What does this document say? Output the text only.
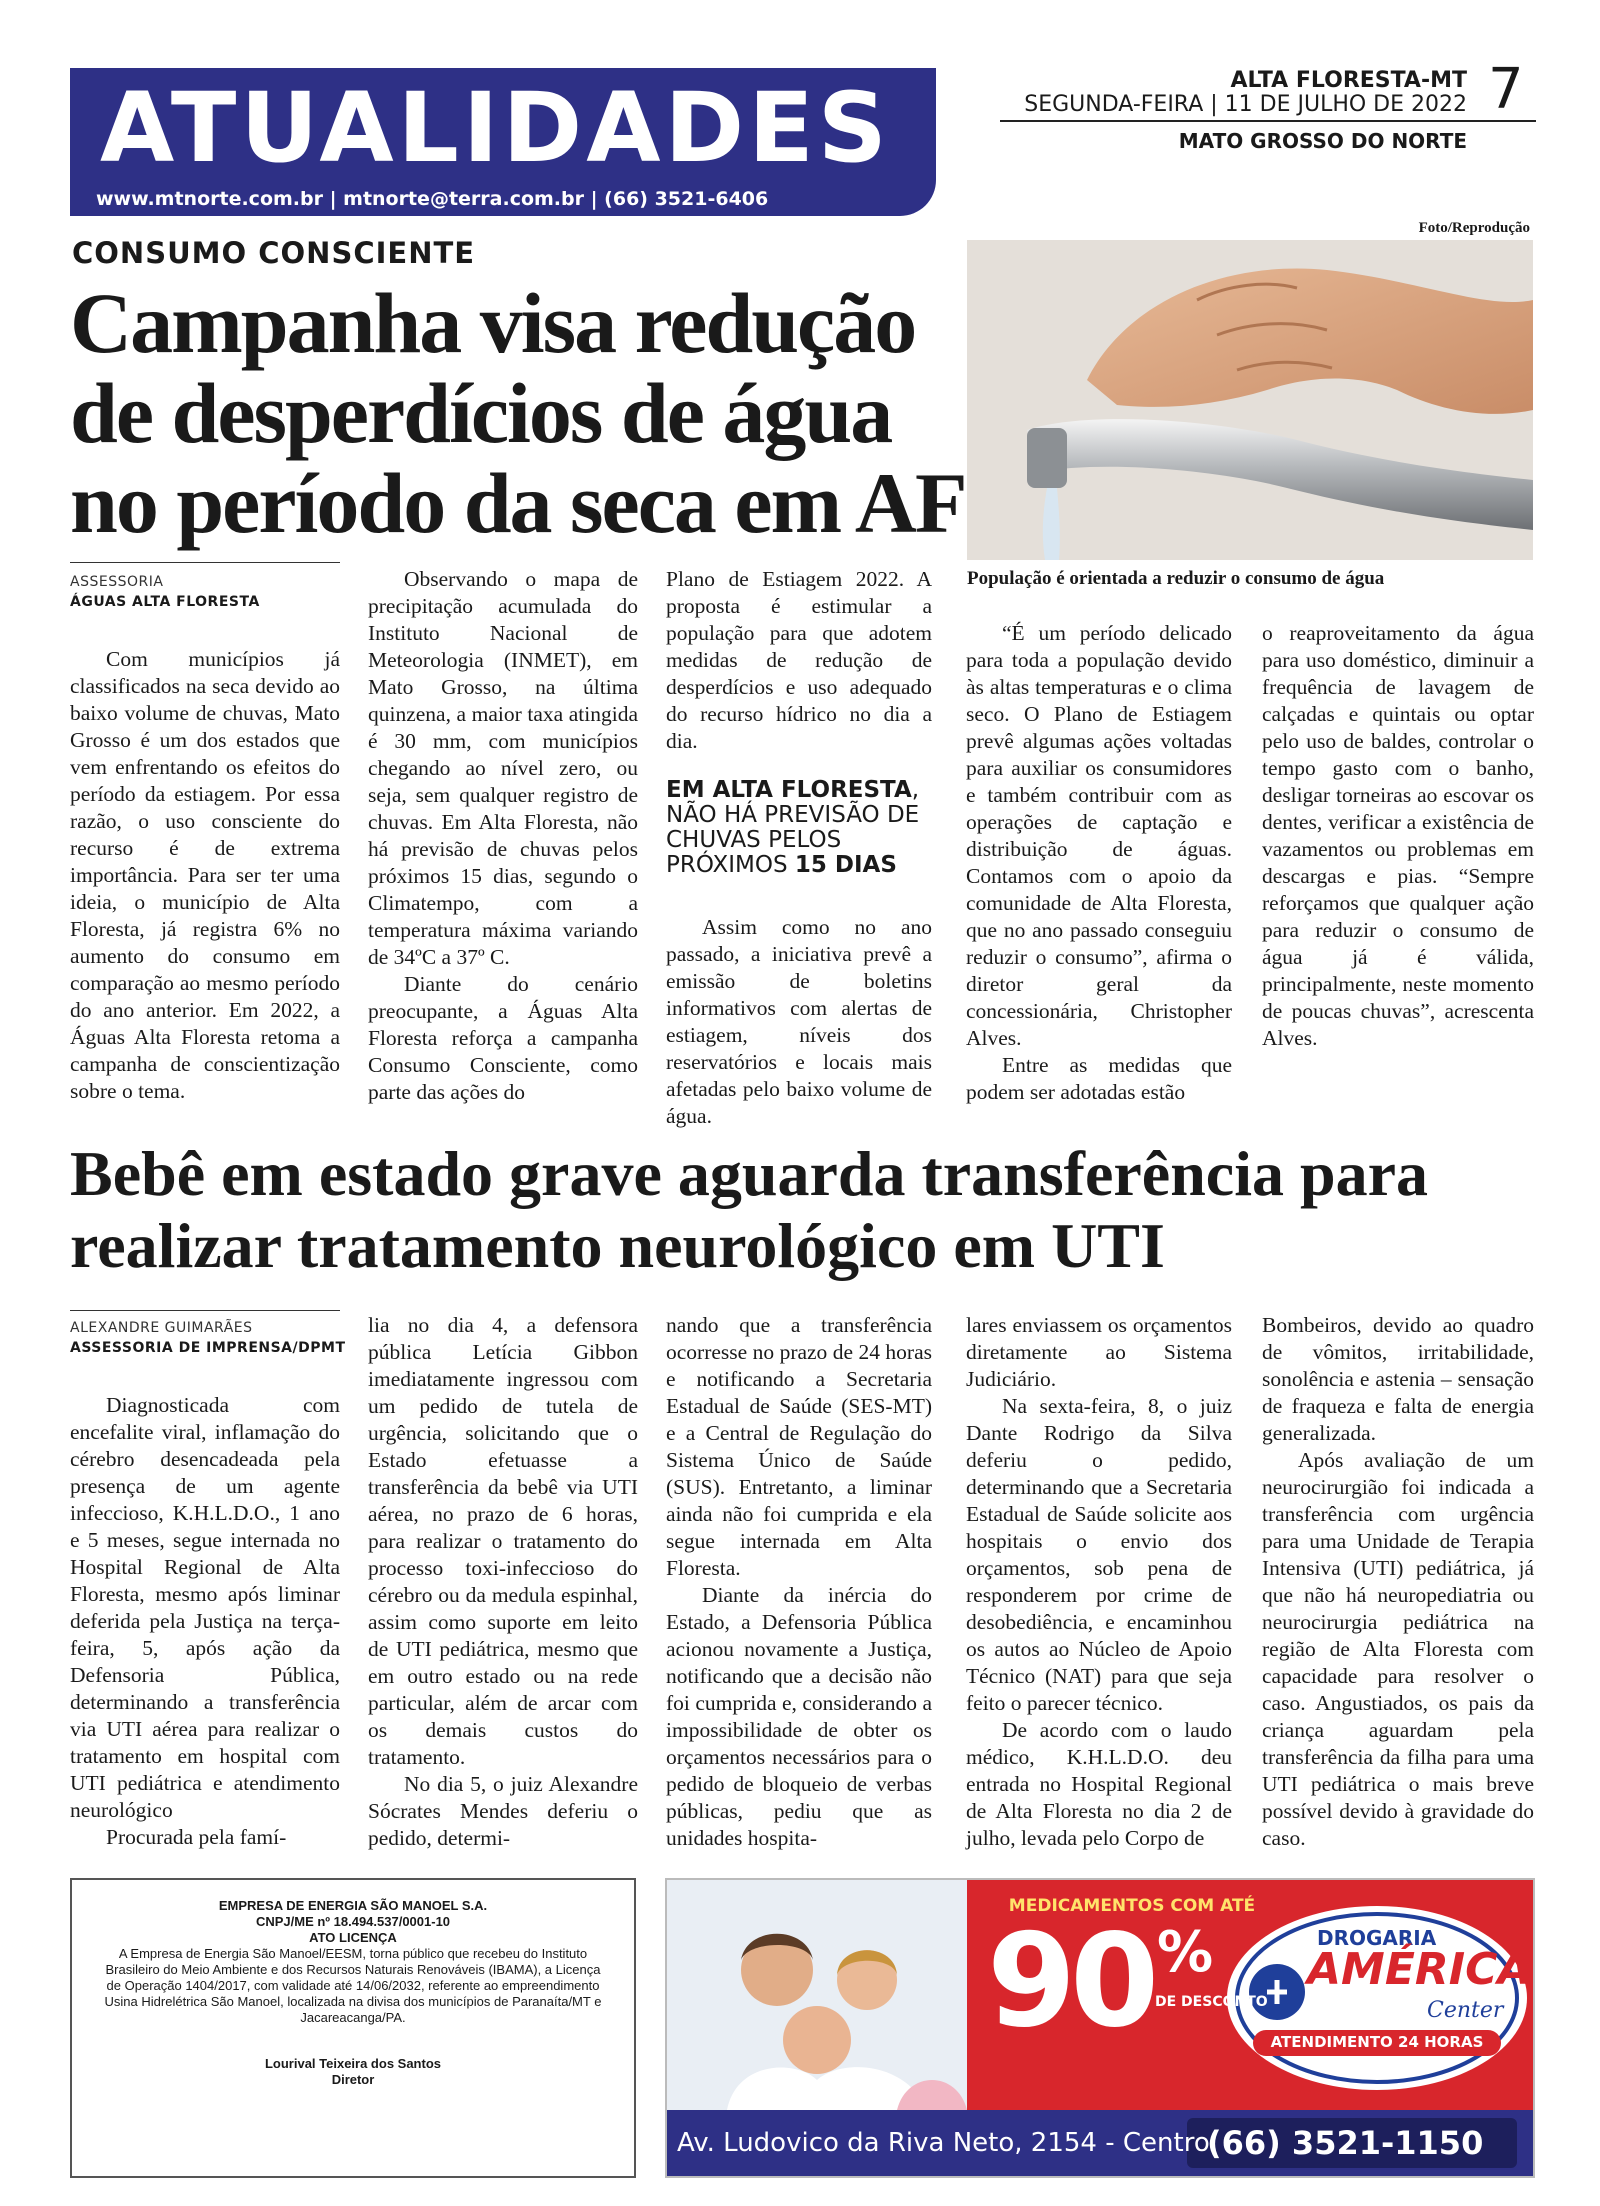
ATUALIDADES
www.mtnorte.com.br | mtnorte@terra.com.br | (66) 3521-6406
ALTA FLORESTA-MT
SEGUNDA-FEIRA | 11 DE JULHO DE 2022
MATO GROSSO DO NORTE
7
CONSUMO CONSCIENTE
Campanha visa redução de desperdícios de água no período da seca em AF
Foto/Reprodução
População é orientada a reduzir o consumo de água
ASSESSORIA
ÁGUAS ALTA FLORESTA

Com municípios já classificados na seca devido ao baixo volume de chuvas, Mato Grosso é um dos estados que vem enfrentando os efeitos do período da estiagem. Por essa razão, o uso consciente do recurso é de extrema importância. Para ser ter uma ideia, o município de Alta Floresta, já registra 6% no aumento do consumo em comparação ao mesmo período do ano anterior. Em 2022, a Águas Alta Floresta retoma a campanha de conscientização sobre o tema.

Observando o mapa de precipitação acumulada do Instituto Nacional de Meteorologia (INMET), em Mato Grosso, na última quinzena, a maior taxa atingida é 30 mm, com municípios chegando ao nível zero, ou seja, sem qualquer registro de chuvas. Em Alta Floresta, não há previsão de chuvas pelos próximos 15 dias, segundo o Climatempo, com a temperatura máxima variando de 34ºC a 37º C.

Diante do cenário preocupante, a Águas Alta Floresta reforça a campanha Consumo Consciente, como parte das ações do

Plano de Estiagem 2022. A proposta é estimular a população para que adotem medidas de redução de desperdícios e uso adequado do recurso hídrico no dia a dia.

EM ALTA FLORESTA, NÃO HÁ PREVISÃO DE CHUVAS PELOS PRÓXIMOS 15 DIAS

Assim como no ano passado, a iniciativa prevê a emissão de boletins informativos com alertas de estiagem, níveis dos reservatórios e locais mais afetadas pelo baixo volume de água.

“É um período delicado para toda a população devido às altas temperaturas e o clima seco. O Plano de Estiagem prevê algumas ações voltadas para auxiliar os consumidores e também contribuir com as operações de captação e distribuição de águas. Contamos com o apoio da comunidade de Alta Floresta, que no ano passado conseguiu reduzir o consumo”, afirma o diretor geral da concessionária, Christopher Alves.

Entre as medidas que podem ser adotadas estão

o reaproveitamento da água para uso doméstico, diminuir a frequência de lavagem de calçadas e quintais ou optar pelo uso de baldes, controlar o tempo gasto com o banho, desligar torneiras ao escovar os dentes, verificar a existência de vazamentos ou problemas em descargas e pias. “Sempre reforçamos que qualquer ação para reduzir o consumo de água já é válida, principalmente, neste momento de poucas chuvas”, acrescenta Alves.

Bebê em estado grave aguarda transferência para realizar tratamento neurológico em UTI
ALEXANDRE GUIMARÃES
ASSESSORIA DE IMPRENSA/DPMT

Diagnosticada com encefalite viral, inflamação do cérebro desencadeada pela presença de um agente infeccioso, K.H.L.D.O., 1 ano e 5 meses, segue internada no Hospital Regional de Alta Floresta, mesmo após liminar deferida pela Justiça na terça-feira, 5, após ação da Defensoria Pública, determinando a transferência via UTI aérea para realizar o tratamento em hospital com UTI pediátrica e atendimento neurológico

Procurada pela famí-

lia no dia 4, a defensora pública Letícia Gibbon imediatamente ingressou com um pedido de tutela de urgência, solicitando que o Estado efetuasse a transferência da bebê via UTI aérea, no prazo de 6 horas, para realizar o tratamento do processo toxi-infeccioso do cérebro ou da medula espinhal, assim como suporte em leito de UTI pediátrica, mesmo que em outro estado ou na rede particular, além de arcar com os demais custos do tratamento.

No dia 5, o juiz Alexandre Sócrates Mendes deferiu o pedido, determi-

nando que a transferência ocorresse no prazo de 24 horas e notificando a Secretaria Estadual de Saúde (SES-MT) e a Central de Regulação do Sistema Único de Saúde (SUS). Entretanto, a liminar ainda não foi cumprida e ela segue internada em Alta Floresta.

Diante da inércia do Estado, a Defensoria Pública acionou novamente a Justiça, notificando que a decisão não foi cumprida e, considerando a impossibilidade de obter os orçamentos necessários para o pedido de bloqueio de verbas públicas, pediu que as unidades hospita-

lares enviassem os orçamentos diretamente ao Sistema Judiciário.

Na sexta-feira, 8, o juiz Dante Rodrigo da Silva deferiu o pedido, determinando que a Secretaria Estadual de Saúde solicite aos hospitais o envio dos orçamentos, sob pena de responderem por crime de desobediência, e encaminhou os autos ao Núcleo de Apoio Técnico (NAT) para que seja feito o parecer técnico.

De acordo com o laudo médico, K.H.L.D.O. deu entrada no Hospital Regional de Alta Floresta no dia 2 de julho, levada pelo Corpo de

Bombeiros, devido ao quadro de vômitos, irritabilidade, sonolência e astenia – sensação de fraqueza e falta de energia generalizada.

Após avaliação de um neurocirurgião foi indicada a transferência com urgência para uma Unidade de Terapia Intensiva (UTI) pediátrica, já que não há neuropediatria ou neurocirurgia pediátrica na região de Alta Floresta com capacidade para resolver o caso. Angustiados, os pais da criança aguardam pela transferência da filha para uma UTI pediátrica o mais breve possível devido à gravidade do caso.

EMPRESA DE ENERGIA SÃO MANOEL S.A.
CNPJ/ME nº 18.494.537/0001-10
ATO LICENÇA
A Empresa de Energia São Manoel/EESM, torna público que recebeu do Instituto Brasileiro do Meio Ambiente e dos Recursos Naturais Renováveis (IBAMA), a Licença de Operação 1404/2017, com validade até 14/06/2032, referente ao empreendimento Usina Hidrelétrica São Manoel, localizada na divisa dos municípios de Paranaíta/MT e Jacareacanga/PA.
Lourival Teixeira dos Santos
Diretor
MEDICAMENTOS COM ATÉ
90 %
DE DESCONTO
DROGARIA
AMÉRICA
Center
ATENDIMENTO 24 HORAS
Av. Ludovico da Riva Neto, 2154 - Centro
(66) 3521-1150
